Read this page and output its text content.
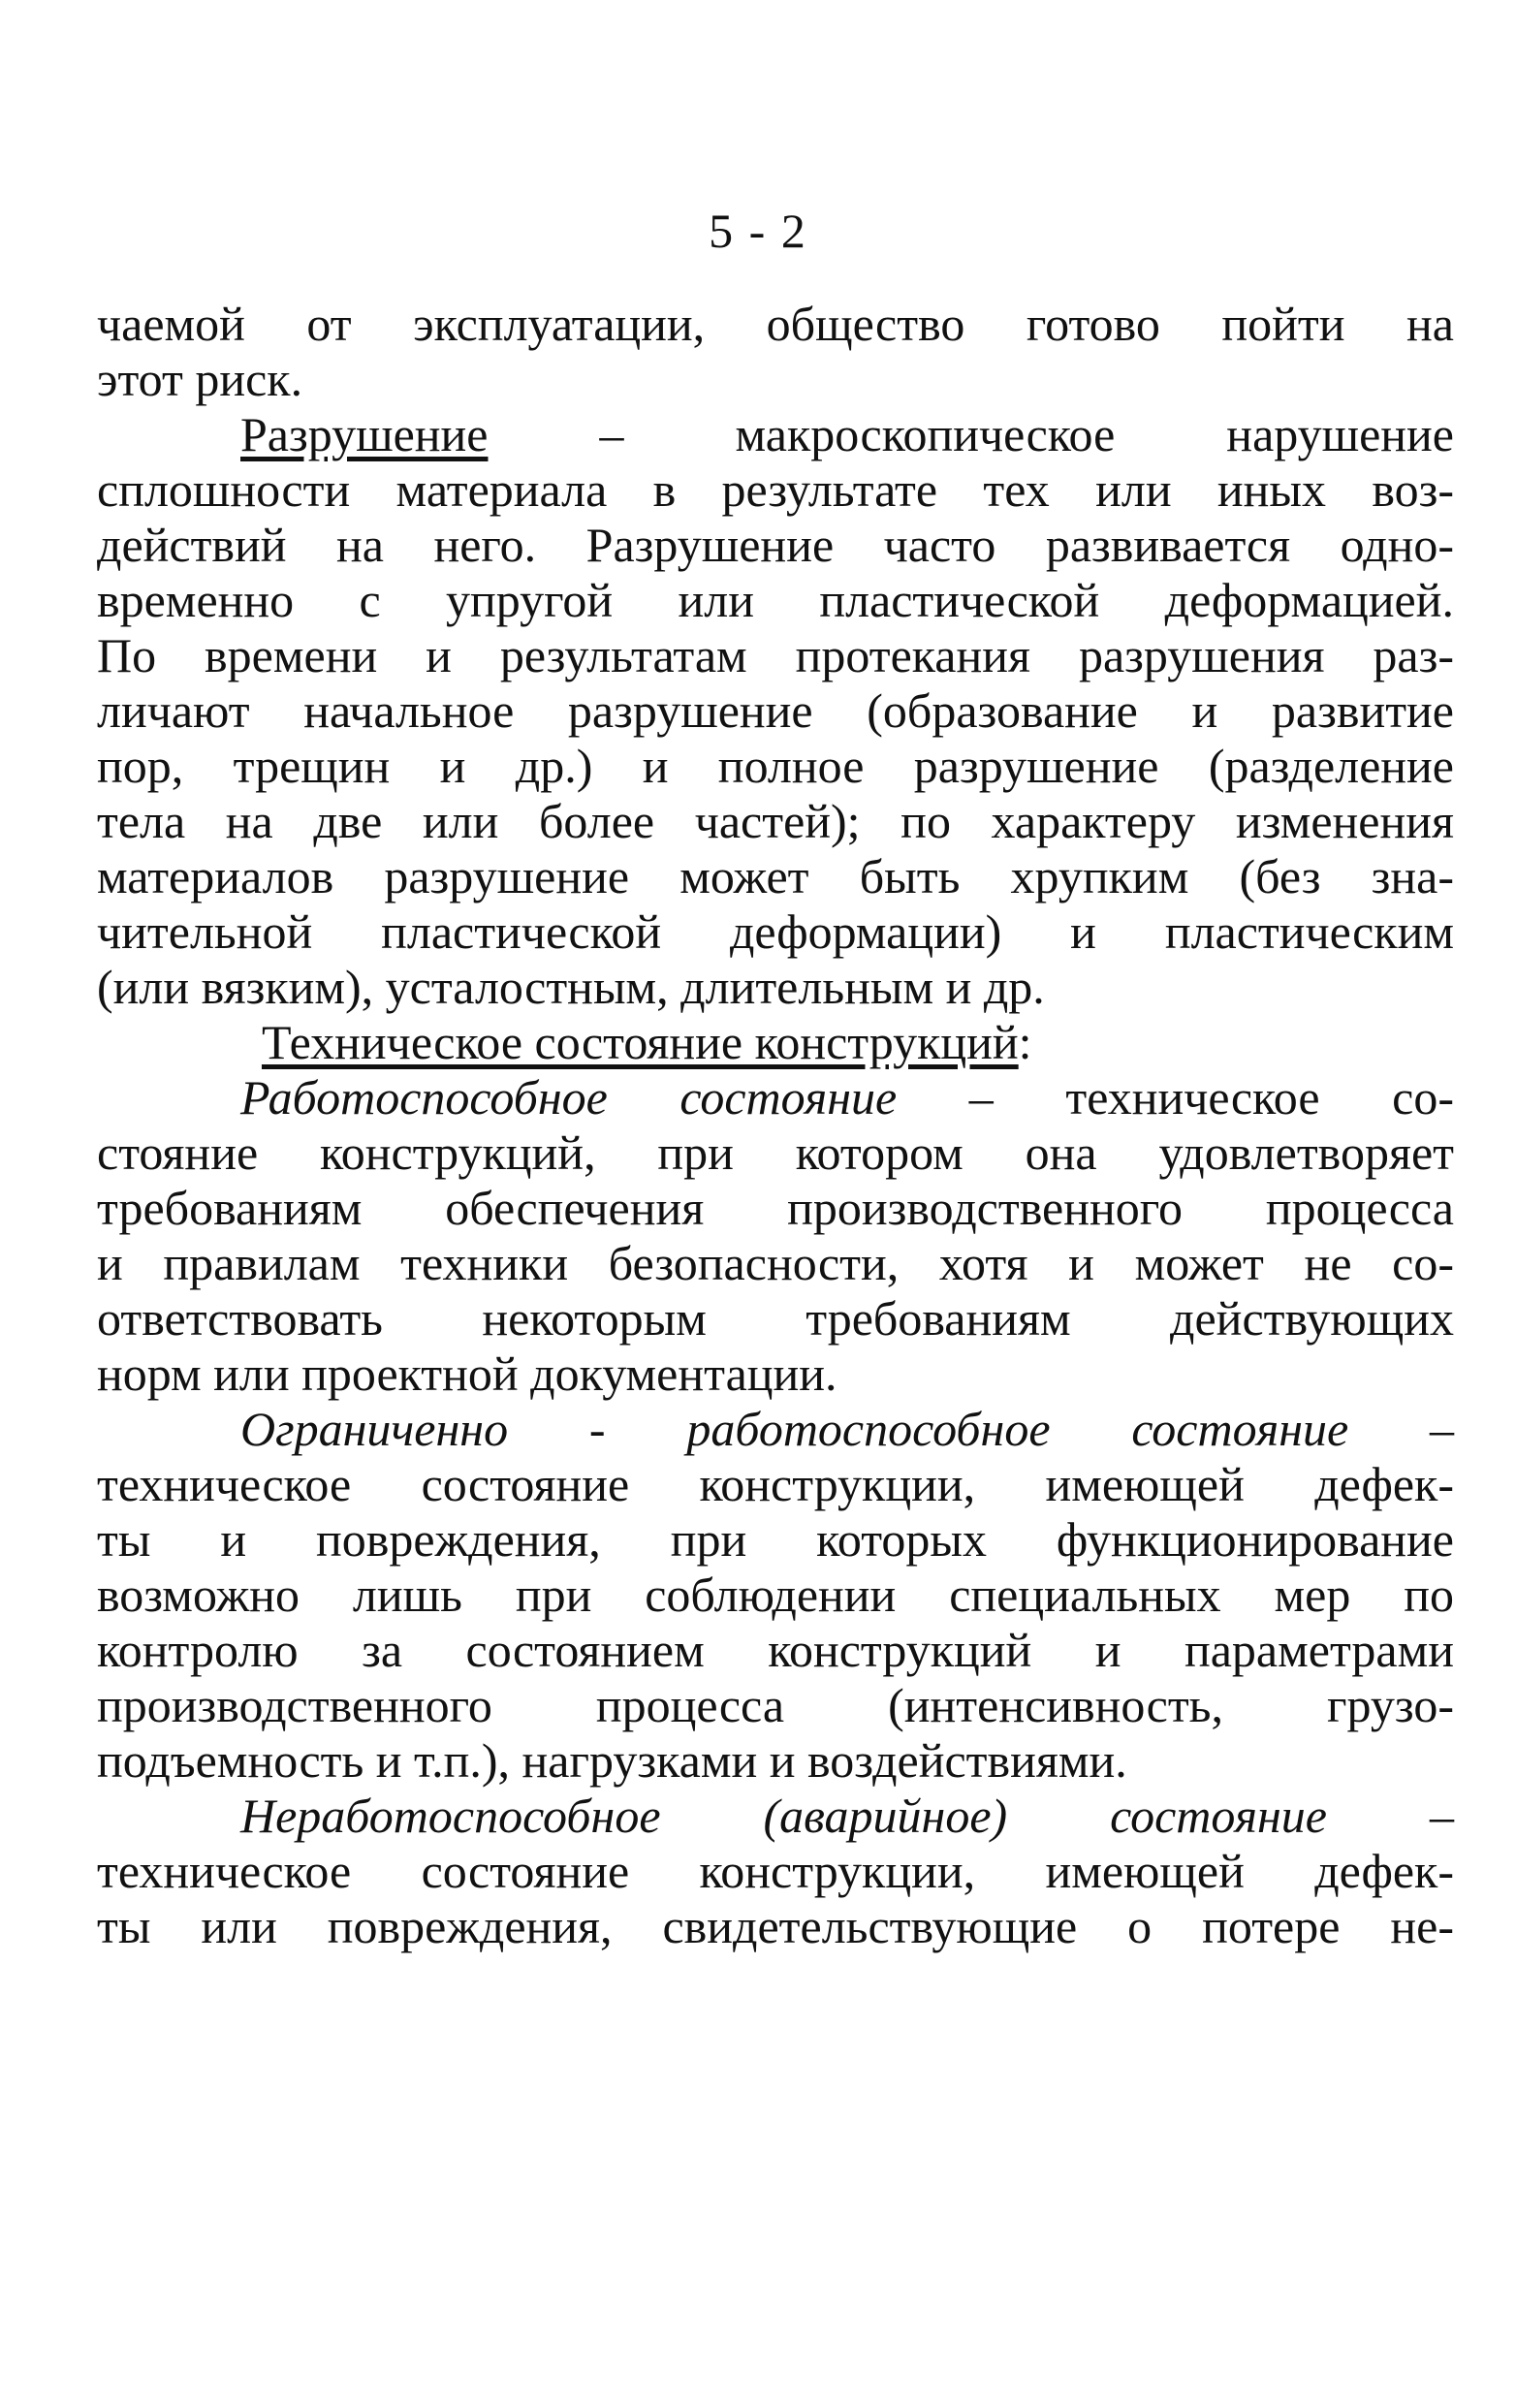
5 - 2
чаемой от эксплуатации, общество готово пойти на
этот риск.
Разрушение – макроскопическое нарушение
сплошности материала в результате тех или иных воз-
действий на него. Разрушение часто развивается одно-
временно с упругой или пластической деформацией.
По времени и результатам протекания разрушения раз-
личают начальное разрушение (образование и развитие
пор, трещин и др.) и полное разрушение (разделение
тела на две или более частей); по характеру изменения
материалов разрушение может быть хрупким (без зна-
чительной пластической деформации) и пластическим
(или вязким), усталостным, длительным и др.
Техническое состояние конструкций:
Работоспособное состояние – техническое со-
стояние конструкций, при котором она удовлетворяет
требованиям обеспечения производственного процесса
и правилам техники безопасности, хотя и может не со-
ответствовать некоторым требованиям действующих
норм или проектной документации.
Ограниченно - работоспособное состояние –
техническое состояние конструкции, имеющей дефек-
ты и повреждения, при которых функционирование
возможно лишь при соблюдении специальных мер по
контролю за состоянием конструкций и параметрами
производственного процесса (интенсивность, грузо-
подъемность и т.п.), нагрузками и воздействиями.
Неработоспособное (аварийное) состояние –
техническое состояние конструкции, имеющей дефек-
ты или повреждения, свидетельствующие о потере не-
